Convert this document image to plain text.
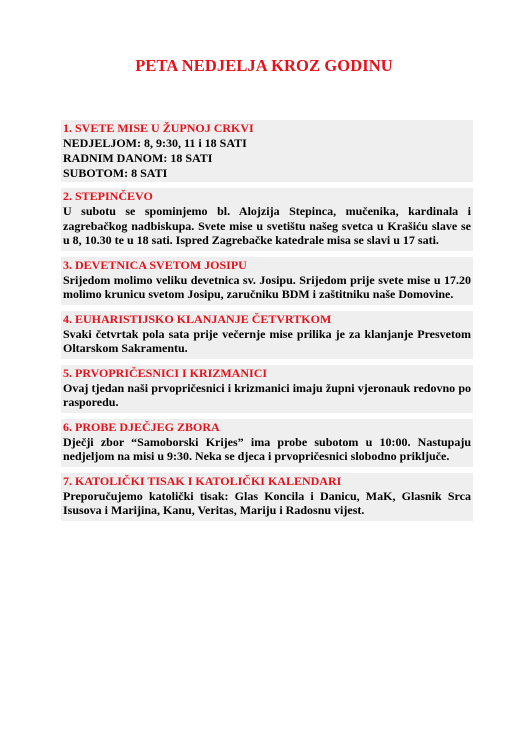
PETA NEDJELJA KROZ GODINU
1. SVETE MISE U ŽUPNOJ CRKVI
NEDJELJOM: 8, 9:30, 11 i 18 SATI
RADNIM DANOM: 18 SATI
SUBOTOM: 8 SATI
2. STEPINČEVO
U subotu se spominjemo bl. Alojzija Stepinca, mučenika, kardinala i zagrebačkog nadbiskupa. Svete mise u svetištu našeg svetca u Krašiću slave se u 8, 10.30 te u 18 sati. Ispred Zagrebačke katedrale misa se slavi u 17 sati.
3. DEVETNICA SVETOM JOSIPU
Srijedom molimo veliku devetnica sv. Josipu. Srijedom prije svete mise u 17.20 molimo krunicu svetom Josipu, zaručniku BDM i zaštitniku naše Domovine.
4. EUHARISTIJSKO KLANJANJE ČETVRTKOM
Svaki četvrtak pola sata prije večernje mise prilika je za klanjanje Presvetom Oltarskom Sakramentu.
5. PRVOPRIČESNICI I KRIZMANICI
Ovaj tjedan naši prvopričesnici i krizmanici imaju župni vjeronauk redovno po rasporedu.
6. PROBE DJEČJEG ZBORA
Dječji zbor “Samoborski Krijes” ima probe subotom u 10:00. Nastupaju nedjeljom na misi u 9:30. Neka se djeca i prvopričesnici slobodno priključe.
7. KATOLIČKI TISAK I KATOLIČKI KALENDARI
Preporučujemo katolički tisak: Glas Koncila i Danicu, MaK, Glasnik Srca Isusova i Marijina, Kanu, Veritas, Mariju i Radosnu vijest.
